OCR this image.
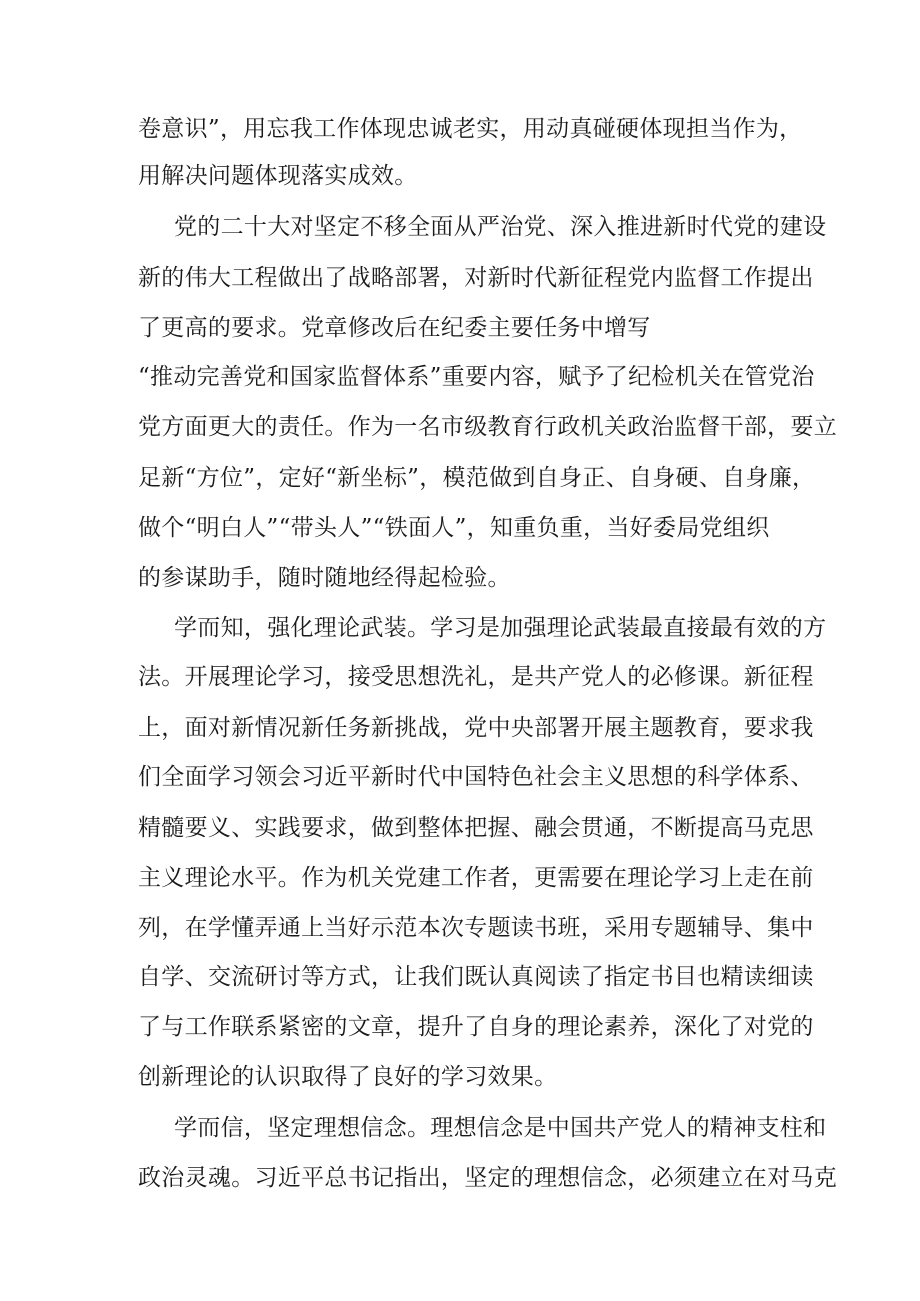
卷意识”，用忘我工作体现忠诚老实，用动真碰硬体现担当作为，
用解决问题体现落实成效。
党的二十大对坚定不移全面从严治党、深入推进新时代党的建设
新的伟大工程做出了战略部署，对新时代新征程党内监督工作提出
了更高的要求。党章修改后在纪委主要任务中增写
“推动完善党和国家监督体系”重要内容，赋予了纪检机关在管党治
党方面更大的责任。作为一名市级教育行政机关政治监督干部，要立
足新“方位”，定好“新坐标”，模范做到自身正、自身硬、自身廉，
做个“明白人”“带头人”“铁面人”，知重负重，当好委局党组织
的参谋助手，随时随地经得起检验。
学而知，强化理论武装。学习是加强理论武装最直接最有效的方
法。开展理论学习，接受思想洗礼，是共产党人的必修课。新征程
上，面对新情况新任务新挑战，党中央部署开展主题教育，要求我
们全面学习领会习近平新时代中国特色社会主义思想的科学体系、
精髓要义、实践要求，做到整体把握、融会贯通，不断提高马克思
主义理论水平。作为机关党建工作者，更需要在理论学习上走在前
列，在学懂弄通上当好示范本次专题读书班，采用专题辅导、集中
自学、交流研讨等方式，让我们既认真阅读了指定书目也精读细读
了与工作联系紧密的文章，提升了自身的理论素养，深化了对党的
创新理论的认识取得了良好的学习效果。
学而信，坚定理想信念。理想信念是中国共产党人的精神支柱和
政治灵魂。习近平总书记指出，坚定的理想信念，必须建立在对马克
